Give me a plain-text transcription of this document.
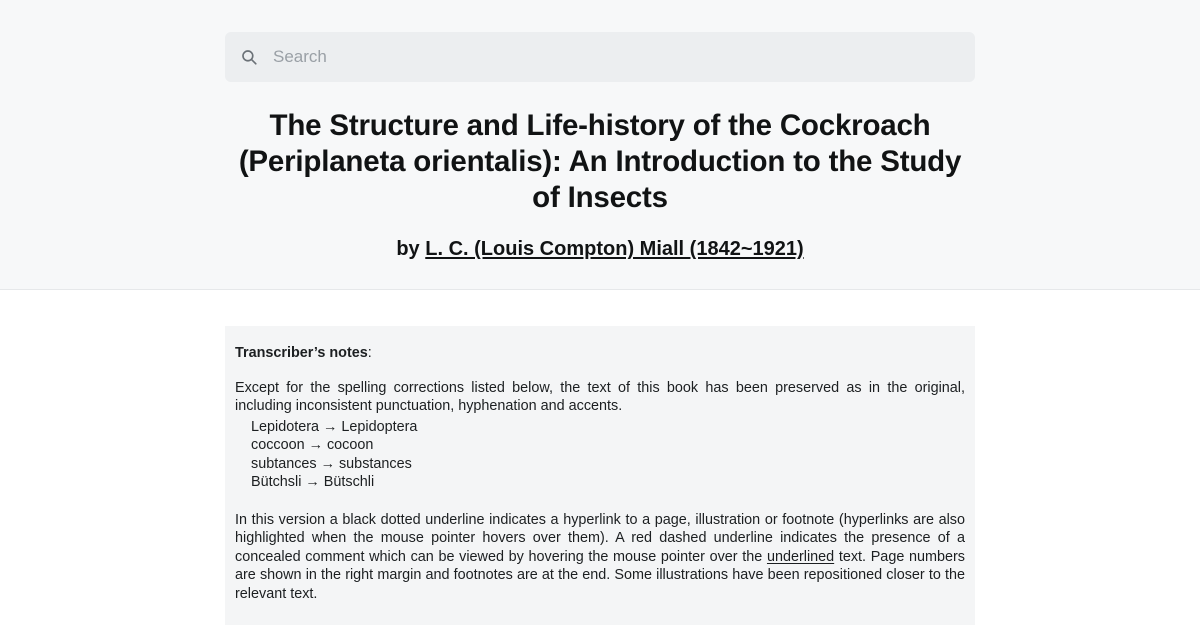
Search
The Structure and Life-history of the Cockroach (Periplaneta orientalis): An Introduction to the Study of Insects
by L. C. (Louis Compton) Miall (1842~1921)
Transcriber’s notes:

Except for the spelling corrections listed below, the text of this book has been preserved as in the original, including inconsistent punctuation, hyphenation and accents.

Lepidotera → Lepidoptera
coccoon → cocoon
subtances → substances
Bütchsli → Bütschli

In this version a black dotted underline indicates a hyperlink to a page, illustration or footnote (hyperlinks are also highlighted when the mouse pointer hovers over them). A red dashed underline indicates the presence of a concealed comment which can be viewed by hovering the mouse pointer over the underlined text. Page numbers are shown in the right margin and footnotes are at the end. Some illustrations have been repositioned closer to the relevant text.
